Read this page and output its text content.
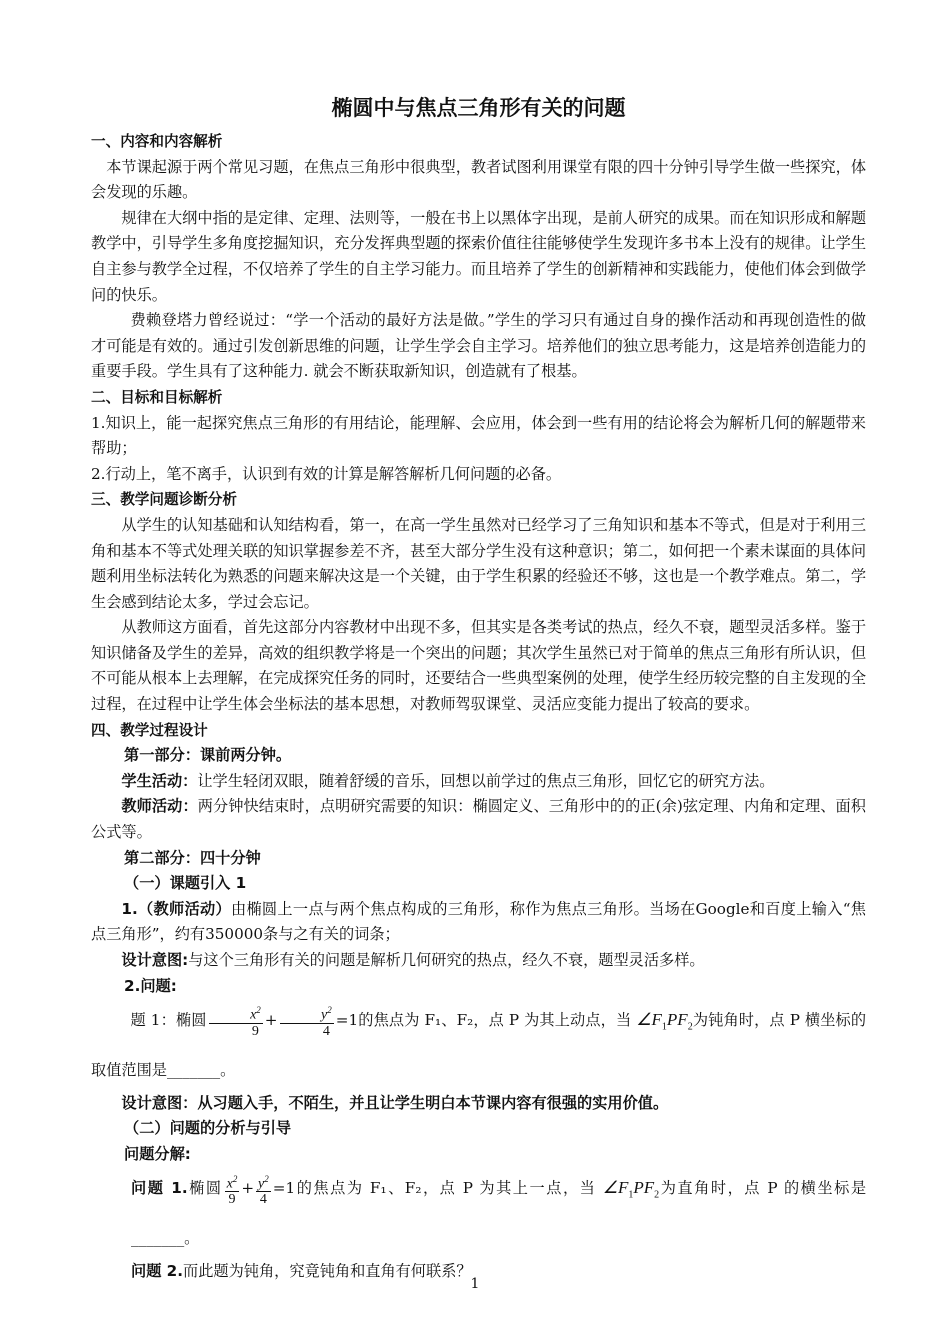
椭圆中与焦点三角形有关的问题
一、内容和内容解析

本节课起源于两个常见习题，在焦点三角形中很典型，教者试图利用课堂有限的四十分钟引导学生做一些探究，体会发现的乐趣。

规律在大纲中指的是定律、定理、法则等，一般在书上以黑体字出现，是前人研究的成果。而在知识形成和解题教学中，引导学生多角度挖掘知识，充分发挥典型题的探索价值往往能够使学生发现许多书本上没有的规律。让学生自主参与教学全过程，不仅培养了学生的自主学习能力。而且培养了学生的创新精神和实践能力，使他们体会到做学问的快乐。

费赖登塔力曾经说过：“学一个活动的最好方法是做。”学生的学习只有通过自身的操作活动和再现创造性的做才可能是有效的。通过引发创新思维的问题，让学生学会自主学习。培养他们的独立思考能力，这是培养创造能力的重要手段。学生具有了这种能力. 就会不断获取新知识，创造就有了根基。

二、目标和目标解析

1.知识上，能一起探究焦点三角形的有用结论，能理解、会应用，体会到一些有用的结论将会为解析几何的解题带来帮助；

2.行动上，笔不离手，认识到有效的计算是解答解析几何问题的必备。

三、教学问题诊断分析

从学生的认知基础和认知结构看，第一，在高一学生虽然对已经学习了三角知识和基本不等式，但是对于利用三角和基本不等式处理关联的知识掌握参差不齐，甚至大部分学生没有这种意识；第二，如何把一个素未谋面的具体问题利用坐标法转化为熟悉的问题来解决这是一个关键，由于学生积累的经验还不够，这也是一个教学难点。第二，学生会感到结论太多，学过会忘记。

从教师这方面看，首先这部分内容教材中出现不多，但其实是各类考试的热点，经久不衰，题型灵活多样。鉴于知识储备及学生的差异，高效的组织教学将是一个突出的问题；其次学生虽然已对于简单的焦点三角形有所认识，但不可能从根本上去理解，在完成探究任务的同时，还要结合一些典型案例的处理，使学生经历较完整的自主发现的全过程，在过程中让学生体会坐标法的基本思想，对教师驾驭课堂、灵活应变能力提出了较高的要求。

四、教学过程设计

第一部分：课前两分钟。

学生活动：让学生轻闭双眼，随着舒缓的音乐，回想以前学过的焦点三角形，回忆它的研究方法。

教师活动：两分钟快结束时，点明研究需要的知识：椭圆定义、三角形中的的正(余)弦定理、内角和定理、面积公式等。

第二部分：四十分钟

（一）课题引入 1

1.（教师活动）由椭圆上一点与两个焦点构成的三角形，称作为焦点三角形。当场在Google和百度上输入“焦点三角形”，约有350000条与之有关的词条；

设计意图:与这个三角形有关的问题是解析几何研究的热点，经久不衰，题型灵活多样。

2.问题:

题 1：椭圆 $\frac{x^2}{9} + \frac{y^2}{4} =1$的焦点为 F₁、F₂，点 P 为其上动点，当 $\angle F_1PF_2$为钝角时，点 P 横坐标的取值范围是_______。

设计意图：从习题入手，不陌生，并且让学生明白本节课内容有很强的实用价值。

（二）问题的分析与引导

问题分解:

问题 1.椭圆 $\frac{x^2}{9} + \frac{y^2}{4} =1$的焦点为 F₁、F₂，点 P 为其上一点，当 $\angle F_1PF_2$为直角时，点 P 的横坐标是_______。

问题 2.而此题为钝角，究竟钝角和直角有何联系？

1
